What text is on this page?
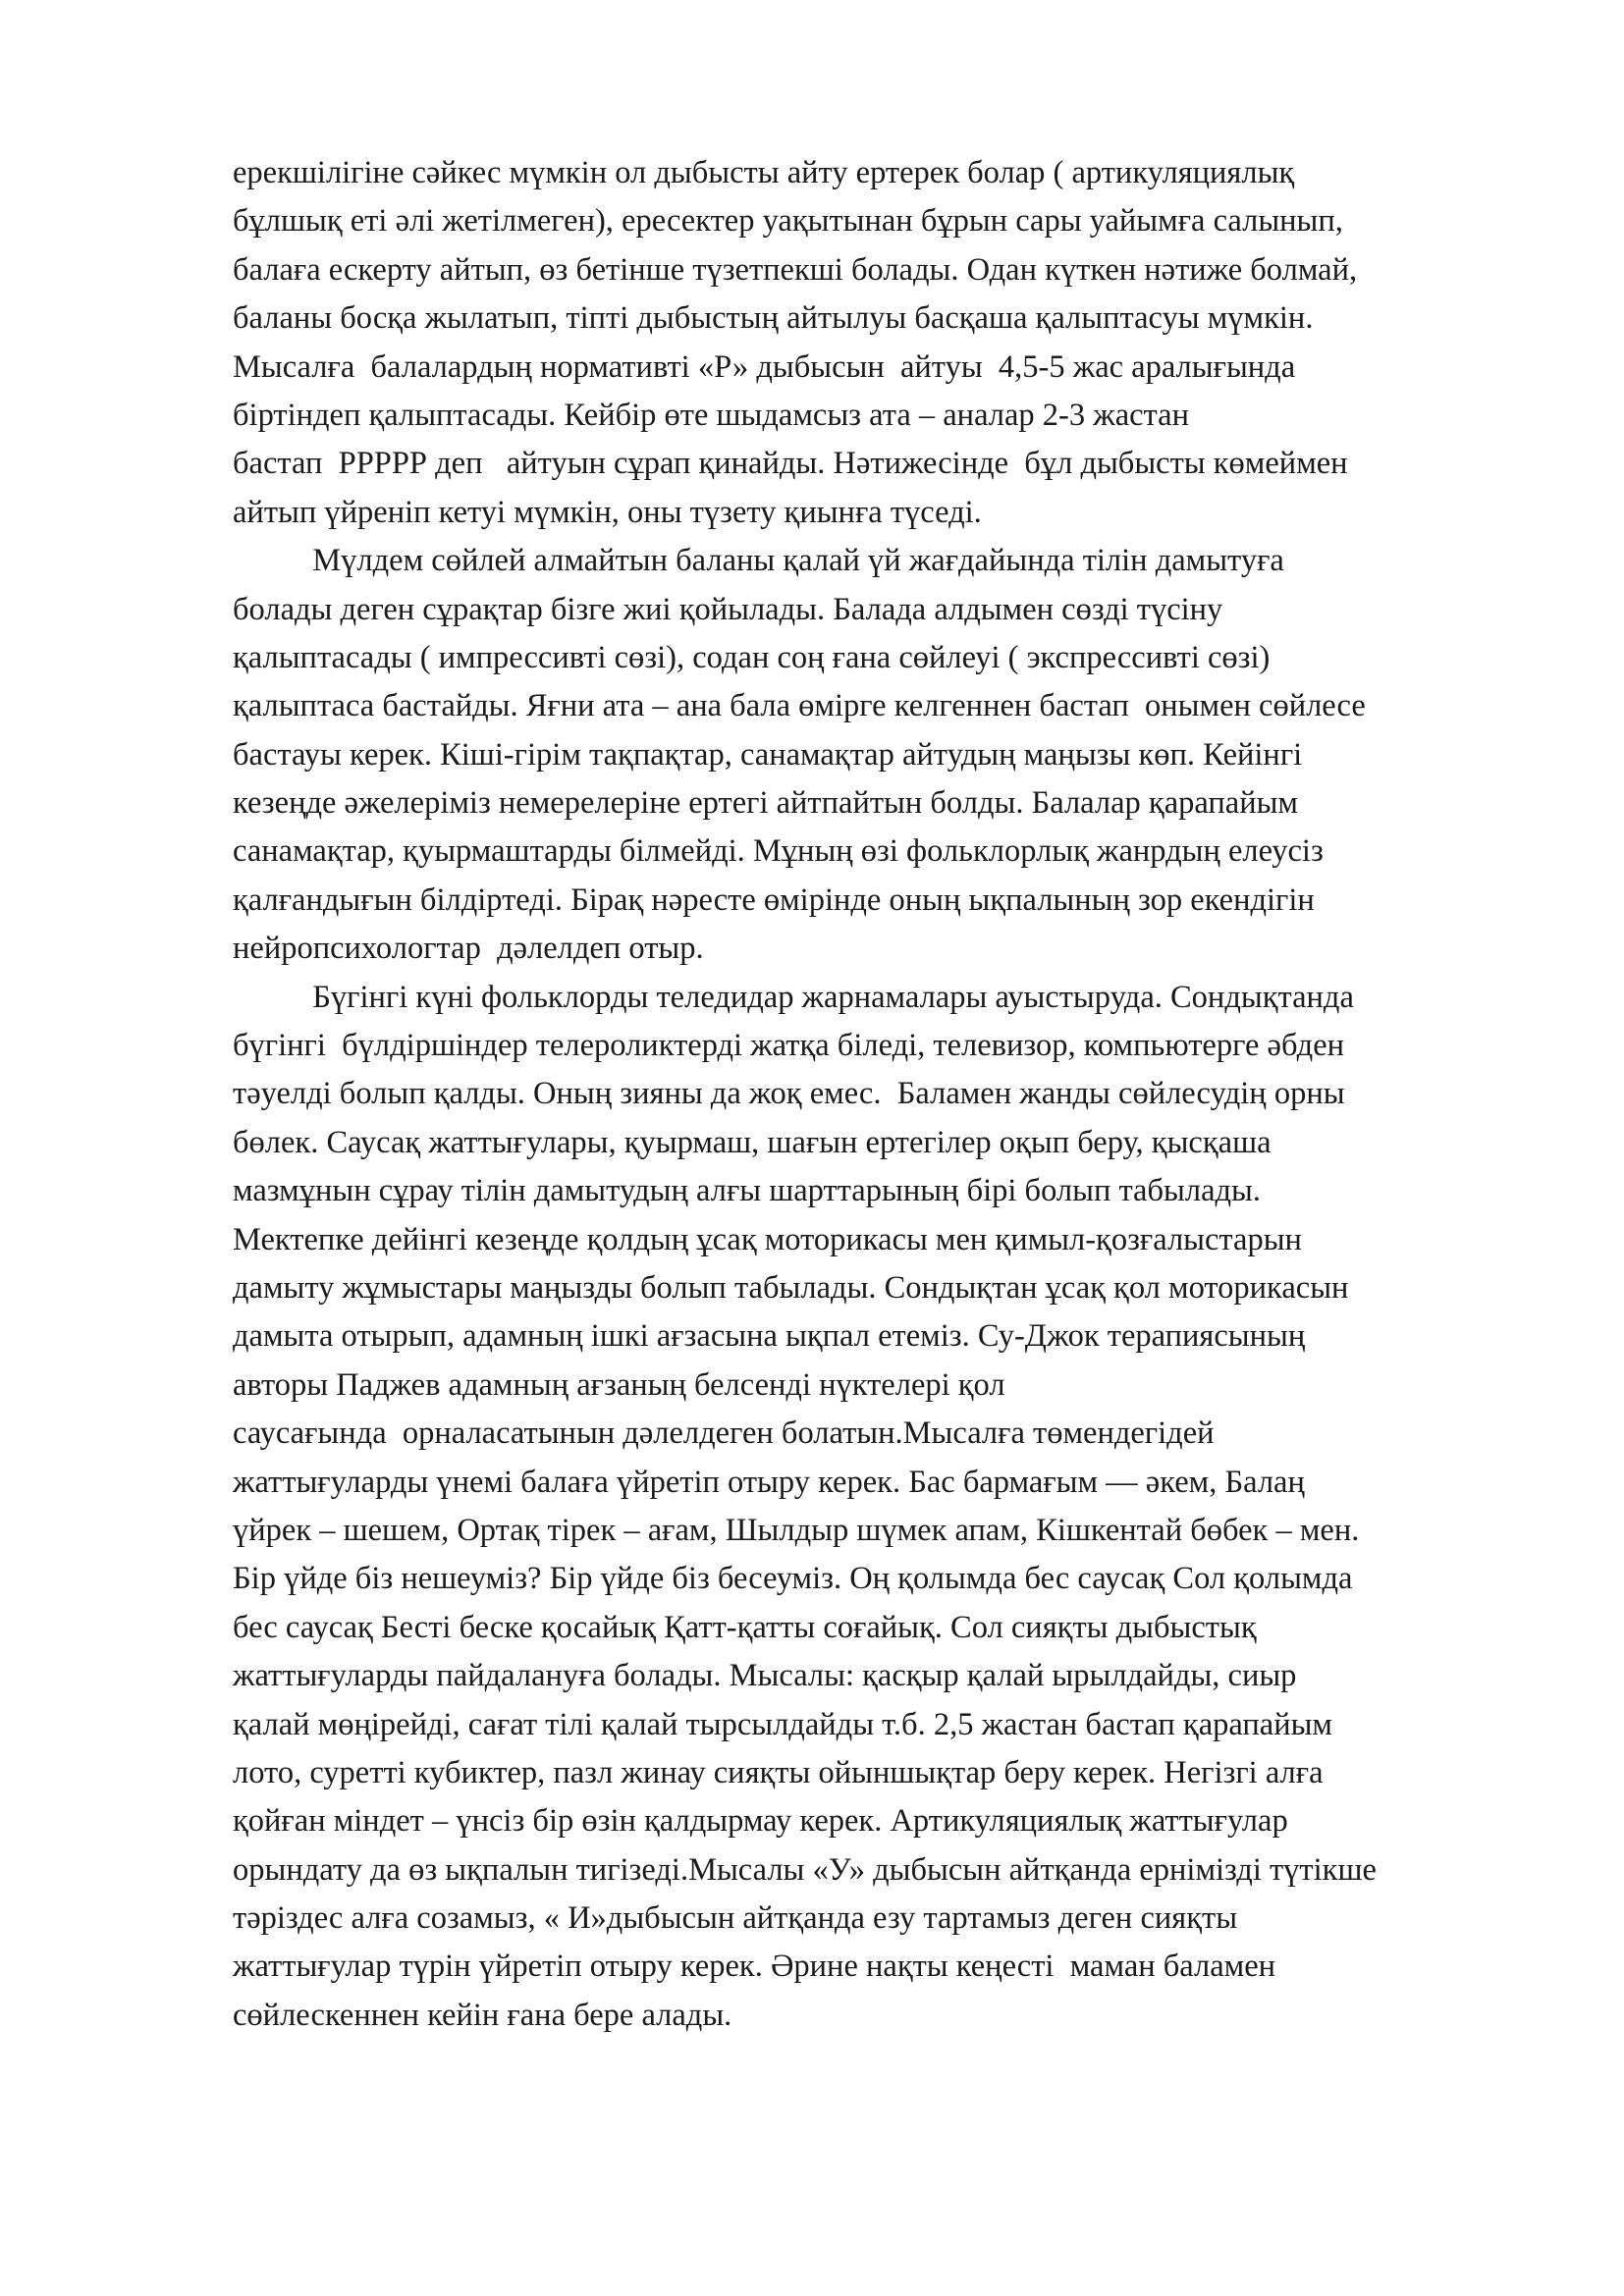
ерекшілігіне сәйкес мүмкін ол дыбысты айту ертерек болар ( артикуляциялық
бұлшық еті әлі жетілмеген), ересектер уақытынан бұрын сары уайымға салынып,
балаға ескерту айтып, өз бетінше түзетпекші болады. Одан күткен нәтиже болмай,
баланы босқа жылатып, тіпті дыбыстың айтылуы басқаша қалыптасуы мүмкін.
Мысалға  балалардың нормативті «Р» дыбысын  айтуы  4,5-5 жас аралығында
біртіндеп қалыптасады. Кейбір өте шыдамсыз ата – аналар 2-3 жастан
бастап  РРРРР деп   айтуын сұрап қинайды. Нәтижесінде  бұл дыбысты көмеймен
айтып үйреніп кетуі мүмкін, оны түзету қиынға түседі.
Мүлдем сөйлей алмайтын баланы қалай үй жағдайында тілін дамытуға
болады деген сұрақтар бізге жиі қойылады. Балада алдымен сөзді түсіну
қалыптасады ( импрессивті сөзі), содан соң ғана сөйлеуі ( экспрессивті сөзі)
қалыптаса бастайды. Яғни ата – ана бала өмірге келгеннен бастап  онымен сөйлесе
бастауы керек. Кіші-гірім тақпақтар, санамақтар айтудың маңызы көп. Кейінгі
кезеңде әжелеріміз немерелеріне ертегі айтпайтын болды. Балалар қарапайым
санамақтар, қуырмаштарды білмейді. Мұның өзі фольклорлық жанрдың елеусіз
қалғандығын білдіртеді. Бірақ нәресте өмірінде оның ықпалының зор екендігін
нейропсихологтар  дәлелдеп отыр.
Бүгінгі күні фольклорды теледидар жарнамалары ауыстыруда. Сондықтанда
бүгінгі  бүлдіршіндер телероликтерді жатқа біледі, телевизор, компьютерге әбден
тәуелді болып қалды. Оның зияны да жоқ емес.  Баламен жанды сөйлесудің орны
бөлек. Саусақ жаттығулары, қуырмаш, шағын ертегілер оқып беру, қысқаша
мазмұнын сұрау тілін дамытудың алғы шарттарының бірі болып табылады.
Мектепке дейінгі кезеңде қолдың ұсақ моторикасы мен қимыл-қозғалыстарын
дамыту жұмыстары маңызды болып табылады. Сондықтан ұсақ қол моторикасын
дамыта отырып, адамның ішкі ағзасына ықпал етеміз. Су-Джок терапиясының
авторы Паджев адамның ағзаның белсенді нүктелері қол
саусағында  орналасатынын дәлелдеген болатын.Мысалға төмендегідей
жаттығуларды үнемі балаға үйретіп отыру керек. Бас бармағым — әкем, Балаң
үйрек – шешем, Ортақ тірек – ағам, Шылдыр шүмек апам, Кішкентай бөбек – мен.
Бір үйде біз нешеуміз? Бір үйде біз бесеуміз. Оң қолымда бес саусақ Сол қолымда
бес саусақ Бесті беске қосайық Қатт-қатты соғайық. Сол сияқты дыбыстық
жаттығуларды пайдалануға болады. Мысалы: қасқыр қалай ырылдайды, сиыр
қалай мөңірейді, сағат тілі қалай тырсылдайды т.б. 2,5 жастан бастап қарапайым
лото, суретті кубиктер, пазл жинау сияқты ойыншықтар беру керек. Негізгі алға
қойған міндет – үнсіз бір өзін қалдырмау керек. Артикуляциялық жаттығулар
орындату да өз ықпалын тигізеді.Мысалы «У» дыбысын айтқанда ернімізді түтікше
тәріздес алға созамыз, « И»дыбысын айтқанда езу тартамыз деген сияқты
жаттығулар түрін үйретіп отыру керек. Әрине нақты кеңесті  маман баламен
сөйлескеннен кейін ғана бере алады.
